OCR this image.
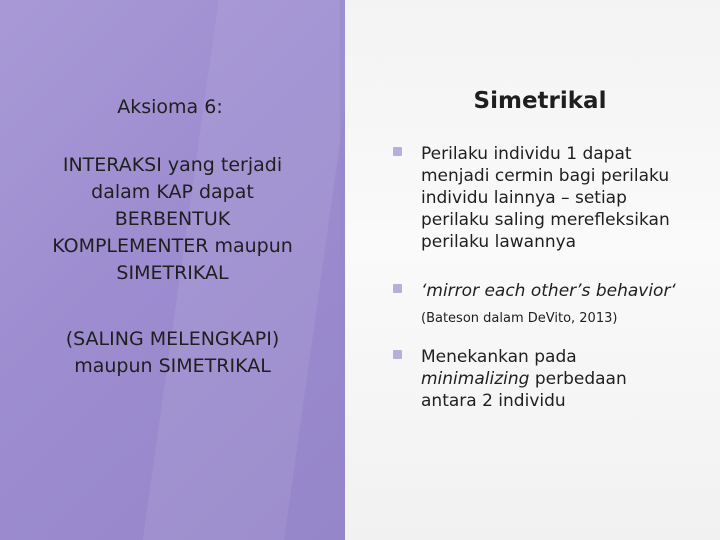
Aksioma 6:
INTERAKSI yang terjadi
dalam KAP dapat
BERBENTUK
KOMPLEMENTER maupun
SIMETRIKAL
(SALING MELENGKAPI)
maupun SIMETRIKAL
Simetrikal
Perilaku individu 1 dapat menjadi cermin bagi perilaku individu lainnya – setiap perilaku saling merefleksikan perilaku lawannya
‘mirror each other’s behavior‘
(Bateson dalam DeVito, 2013)
Menekankan pada
minimalizing perbedaan antara 2 individu
